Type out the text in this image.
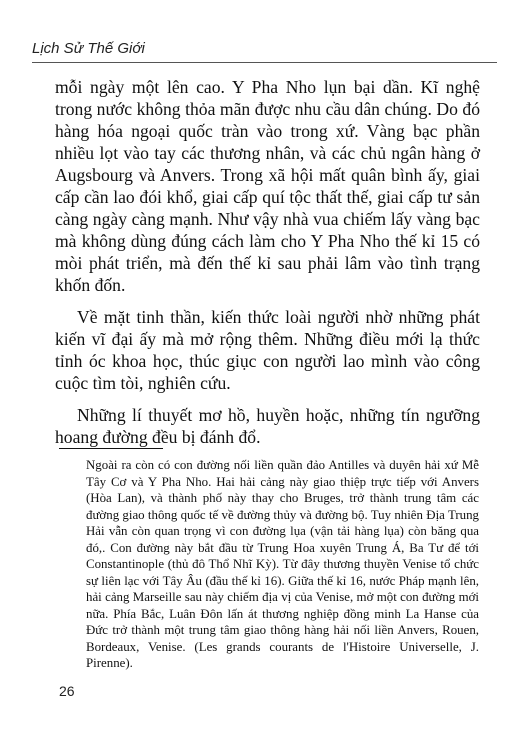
Lịch Sử Thế Giới

mỗi ngày một lên cao. Y Pha Nho lụn bại dần. Kĩ nghệ trong nước không thỏa mãn được nhu cầu dân chúng. Do đó hàng hóa ngoại quốc tràn vào trong xứ. Vàng bạc phần nhiều lọt vào tay các thương nhân, và các chủ ngân hàng ở Augsbourg và Anvers. Trong xã hội mất quân bình ấy, giai cấp cần lao đói khổ, giai cấp quí tộc thất thế, giai cấp tư sản càng ngày càng mạnh. Như vậy nhà vua chiếm lấy vàng bạc mà không dùng đúng cách làm cho Y Pha Nho thế kỉ 15 có mòi phát triển, mà đến thế kỉ sau phải lâm vào tình trạng khốn đốn.

Về mặt tinh thần, kiến thức loài người nhờ những phát kiến vĩ đại ấy mà mở rộng thêm. Những điều mới lạ thức tỉnh óc khoa học, thúc giục con người lao mình vào công cuộc tìm tòi, nghiên cứu.

Những lí thuyết mơ hồ, huyền hoặc, những tín ngưỡng hoang đường đều bị đánh đổ.

Ngoài ra còn có con đường nối liền quần đảo Antilles và duyên hải xứ Mễ Tây Cơ và Y Pha Nho. Hai hải cảng này giao thiệp trực tiếp với Anvers (Hòa Lan), và thành phố này thay cho Bruges, trở thành trung tâm các đường giao thông quốc tế về đường thủy và đường bộ. Tuy nhiên Địa Trung Hải vẫn còn quan trọng vì con đường lụa (vận tải hàng lụa) còn băng qua đó,. Con đường này bắt đầu từ Trung Hoa xuyên Trung Á, Ba Tư để tới Constantinople (thủ đô Thổ Nhĩ Kỳ). Từ đây thương thuyền Venise tổ chức sự liên lạc với Tây Âu (đầu thế kỉ 16). Giữa thế kỉ 16, nước Pháp mạnh lên, hải cảng Marseille sau này chiếm địa vị của Venise, mở một con đường mới nữa. Phía Bắc, Luân Đôn lấn át thương nghiệp đồng minh La Hanse của Đức trở thành một trung tâm giao thông hàng hải nối liền Anvers, Rouen, Bordeaux, Venise. (Les grands courants de l'Histoire Universelle, J. Pirenne).

26
